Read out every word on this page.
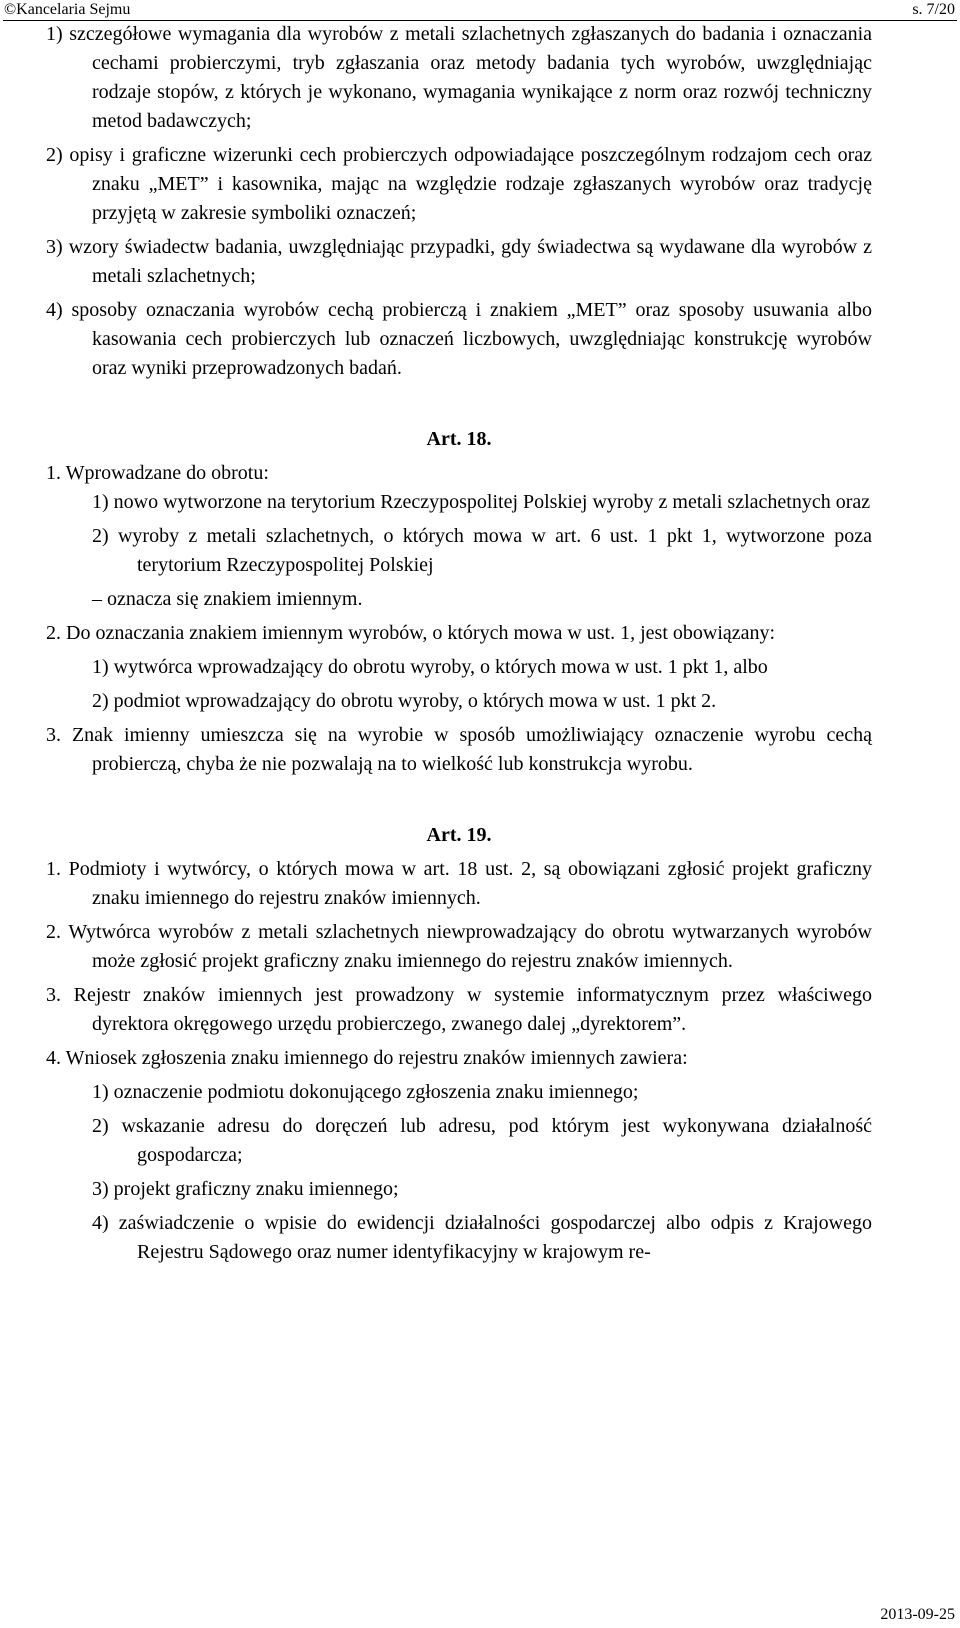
©Kancelaria Sejmu	s. 7/20

1) szczegółowe wymagania dla wyrobów z metali szlachetnych zgłaszanych do badania i oznaczania cechami probierczymi, tryb zgłaszania oraz metody badania tych wyrobów, uwzględniając rodzaje stopów, z których je wykonano, wymagania wynikające z norm oraz rozwój techniczny metod badawczych;

2) opisy i graficzne wizerunki cech probierczych odpowiadające poszczególnym rodzajom cech oraz znaku „MET” i kasownika, mając na względzie rodzaje zgłaszanych wyrobów oraz tradycję przyjętą w zakresie symboliki oznaczeń;

3) wzory świadectw badania, uwzględniając przypadki, gdy świadectwa są wydawane dla wyrobów z metali szlachetnych;

4) sposoby oznaczania wyrobów cechą probierczą i znakiem „MET” oraz sposoby usuwania albo kasowania cech probierczych lub oznaczeń liczbowych, uwzględniając konstrukcję wyrobów oraz wyniki przeprowadzonych badań.

Art. 18.

1. Wprowadzane do obrotu:

1) nowo wytworzone na terytorium Rzeczypospolitej Polskiej wyroby z metali szlachetnych oraz

2) wyroby z metali szlachetnych, o których mowa w art. 6 ust. 1 pkt 1, wytworzone poza terytorium Rzeczypospolitej Polskiej

– oznacza się znakiem imiennym.

2. Do oznaczania znakiem imiennym wyrobów, o których mowa w ust. 1, jest obowiązany:

1) wytwórca wprowadzający do obrotu wyroby, o których mowa w ust. 1 pkt 1, albo

2) podmiot wprowadzający do obrotu wyroby, o których mowa w ust. 1 pkt 2.

3. Znak imienny umieszcza się na wyrobie w sposób umożliwiający oznaczenie wyrobu cechą probierczą, chyba że nie pozwalają na to wielkość lub konstrukcja wyrobu.

Art. 19.

1. Podmioty i wytwórcy, o których mowa w art. 18 ust. 2, są obowiązani zgłosić projekt graficzny znaku imiennego do rejestru znaków imiennych.

2. Wytwórca wyrobów z metali szlachetnych niewprowadzający do obrotu wytwarzanych wyrobów może zgłosić projekt graficzny znaku imiennego do rejestru znaków imiennych.

3. Rejestr znaków imiennych jest prowadzony w systemie informatycznym przez właściwego dyrektora okręgowego urzędu probierczego, zwanego dalej „dyrektorem”.

4. Wniosek zgłoszenia znaku imiennego do rejestru znaków imiennych zawiera:

1) oznaczenie podmiotu dokonującego zgłoszenia znaku imiennego;

2) wskazanie adresu do doręczeń lub adresu, pod którym jest wykonywana działalność gospodarcza;

3) projekt graficzny znaku imiennego;

4) zaświadczenie o wpisie do ewidencji działalności gospodarczej albo odpis z Krajowego Rejestru Sądowego oraz numer identyfikacyjny w krajowym re-

2013-09-25
